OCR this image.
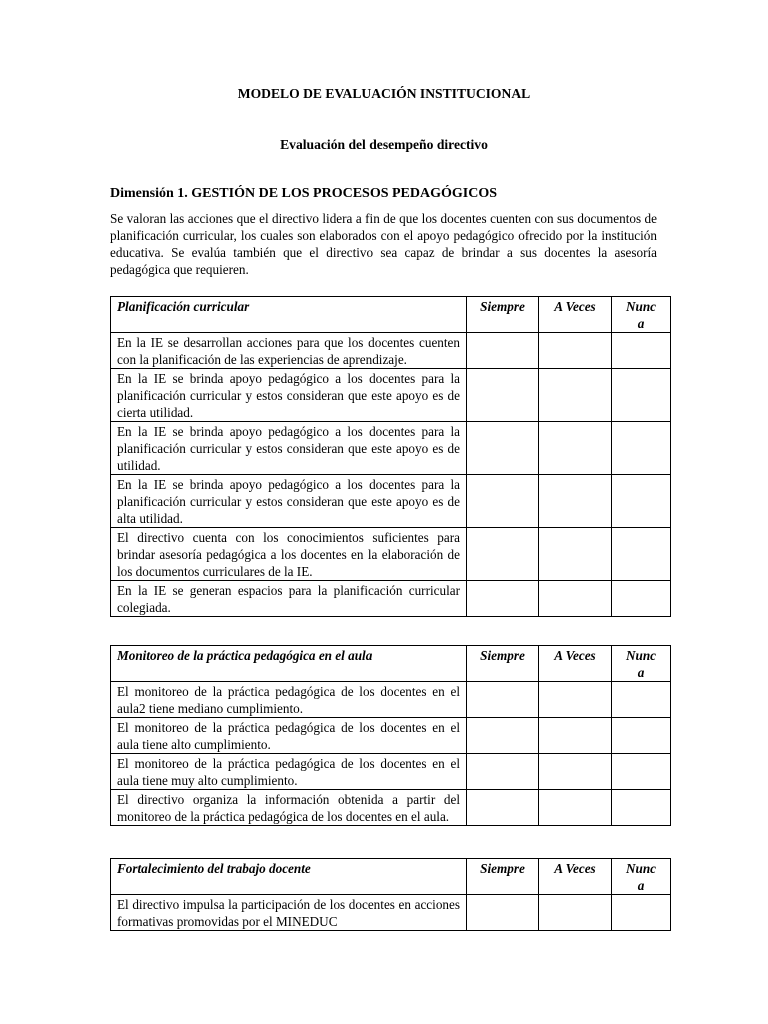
MODELO DE EVALUACIÓN INSTITUCIONAL
Evaluación del desempeño directivo
Dimensión 1. GESTIÓN DE LOS PROCESOS PEDAGÓGICOS

Se valoran las acciones que el directivo lidera a fin de que los docentes cuenten con sus documentos de planificación curricular, los cuales son elaborados con el apoyo pedagógico ofrecido por la institución educativa. Se evalúa también que el directivo sea capaz de brindar a sus docentes la asesoría pedagógica que requieren.

Planificación curricular	Siempre	A Veces	Nunc
a
En la IE se desarrollan acciones para que los docentes cuenten con la planificación de las experiencias de aprendizaje.			
En la IE se brinda apoyo pedagógico a los docentes para la planificación curricular y estos consideran que este apoyo es de cierta utilidad.			
En la IE se brinda apoyo pedagógico a los docentes para la planificación curricular y estos consideran que este apoyo es de utilidad.			
En la IE se brinda apoyo pedagógico a los docentes para la planificación curricular y estos consideran que este apoyo es de alta utilidad.			
El directivo cuenta con los conocimientos suficientes para brindar asesoría pedagógica a los docentes en la elaboración de los documentos curriculares de la IE.			
En la IE se generan espacios para la planificación curricular colegiada.			
Monitoreo de la práctica pedagógica en el aula	Siempre	A Veces	Nunc
a
El monitoreo de la práctica pedagógica de los docentes en el aula2 tiene mediano cumplimiento.			
El monitoreo de la práctica pedagógica de los docentes en el aula tiene alto cumplimiento.			
El monitoreo de la práctica pedagógica de los docentes en el aula tiene muy alto cumplimiento.			
El directivo organiza la información obtenida a partir del monitoreo de la práctica pedagógica de los docentes en el aula.			
Fortalecimiento del trabajo docente	Siempre	A Veces	Nunc
a
El directivo impulsa la participación de los docentes en acciones formativas promovidas por el MINEDUC			
